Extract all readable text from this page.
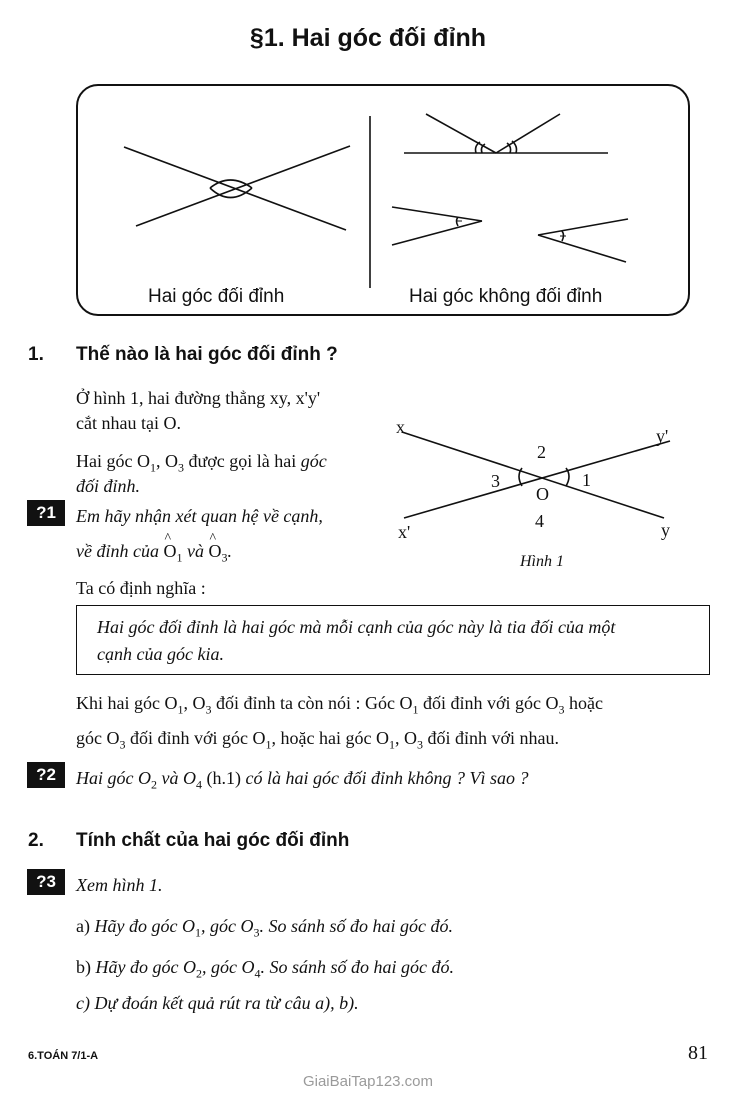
§1. Hai góc đối đỉnh
Hai góc đối đỉnh	Hai góc không đối đỉnh
1. Thế nào là hai góc đối đỉnh ?
Ở hình 1, hai đường thẳng xy, x'y'
cắt nhau tại O.
Hai góc $O_1$, $O_3$ được gọi là hai góc
đối đỉnh.
?1	Em hãy nhận xét quan hệ về cạnh,
về đỉnh của ^ $O_1$ và ^ $O_3$.
x	y'
2
3	1
O
4
x'	y
Hình 1
Ta có định nghĩa :
Hai góc đối đỉnh là hai góc mà mỗi cạnh của góc này là tia đối của một
cạnh của góc kia.
Khi hai góc $O_1$, $O_3$ đối đỉnh ta còn nói : Góc $O_1$ đối đỉnh với góc $O_3$ hoặc
góc $O_3$ đối đỉnh với góc $O_1$, hoặc hai góc $O_1$, $O_3$ đối đỉnh với nhau.
?2	Hai góc $O_2$ và $O_4$ (h.1) có là hai góc đối đỉnh không ? Vì sao ?
2. Tính chất của hai góc đối đỉnh
?3	Xem hình 1.
a) Hãy đo góc $O_1$, góc $O_3$. So sánh số đo hai góc đó.
b) Hãy đo góc $O_2$, góc $O_4$. So sánh số đo hai góc đó.
c) Dự đoán kết quả rút ra từ câu a), b).
6.TOÁN 7/1-A	81
GiaiBaiTap123.com
